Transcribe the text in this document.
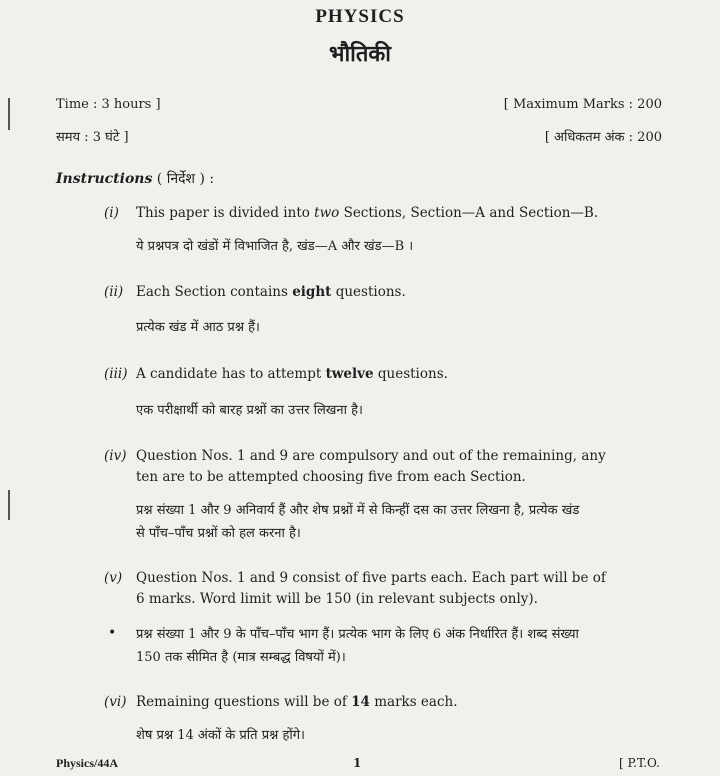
PHYSICS
भौतिकी
Time : 3 hours ]	[ Maximum Marks : 200
समय : 3 घंटे ]	[ अधिकतम अंक : 200
Instructions ( निर्देश ) :
(i) This paper is divided into two Sections, Section—A and Section—B.
ये प्रश्नपत्र दो खंडों में विभाजित है, खंड—A और खंड—B ।
(ii) Each Section contains eight questions.
प्रत्येक खंड में आठ प्रश्न हैं।
(iii) A candidate has to attempt twelve questions.
एक परीक्षार्थी को बारह प्रश्नों का उत्तर लिखना है।
(iv) Question Nos. 1 and 9 are compulsory and out of the remaining, any
ten are to be attempted choosing five from each Section.
प्रश्न संख्या 1 और 9 अनिवार्य हैं और शेष प्रश्नों में से किन्हीं दस का उत्तर लिखना है, प्रत्येक खंड
से पाँच–पाँच प्रश्नों को हल करना है।
(v) Question Nos. 1 and 9 consist of five parts each. Each part will be of
6 marks. Word limit will be 150 (in relevant subjects only).
• प्रश्न संख्या 1 और 9 के पाँच–पाँच भाग हैं। प्रत्येक भाग के लिए 6 अंक निर्धारित हैं। शब्द संख्या
150 तक सीमित है (मात्र सम्बद्ध विषयों में)।
(vi) Remaining questions will be of 14 marks each.
शेष प्रश्न 14 अंकों के प्रति प्रश्न होंगे।
Physics/44A	1	[ P.T.O.
